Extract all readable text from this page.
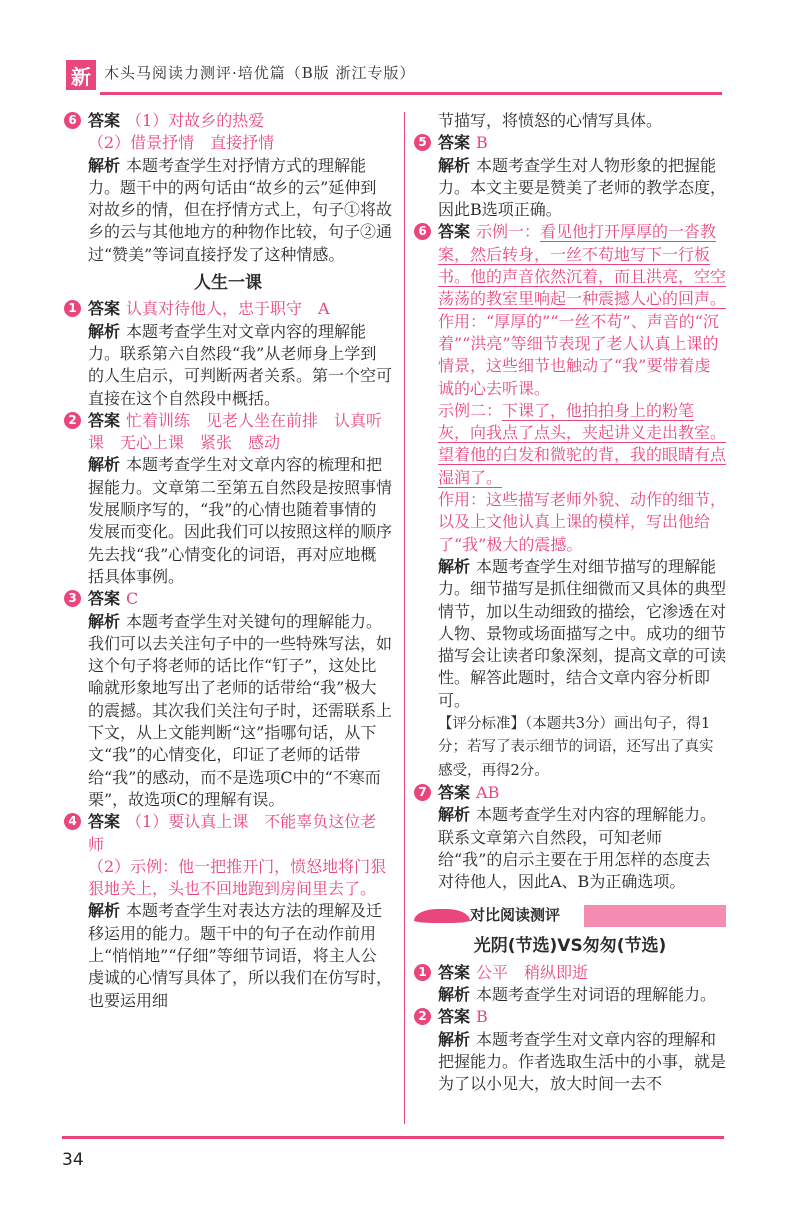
新 木头马阅读力测评·培优篇（B版 浙江专版）
6 答案 （1）对故乡的热爱
（2）借景抒情　直接抒情
解析 本题考查学生对抒情方式的理解能力。题干中的两句话由“故乡的云”延伸到对故乡的情，但在抒情方式上，句子①将故乡的云与其他地方的种物作比较，句子②通过“赞美”等词直接抒发了这种情感。
人生一课
1 答案 认真对待他人，忠于职守　A
解析 本题考查学生对文章内容的理解能力。联系第六自然段“我”从老师身上学到的人生启示，可判断两者关系。第一个空可直接在这个自然段中概括。
2 答案 忙着训练　见老人坐在前排　认真听课　无心上课　紧张　感动
解析 本题考查学生对文章内容的梳理和把握能力。文章第二至第五自然段是按照事情发展顺序写的，“我”的心情也随着事情的发展而变化。因此我们可以按照这样的顺序先去找“我”心情变化的词语，再对应地概括具体事例。
3 答案 C
解析 本题考查学生对关键句的理解能力。我们可以去关注句子中的一些特殊写法，如这个句子将老师的话比作“钉子”，这处比喻就形象地写出了老师的话带给“我”极大的震撼。其次我们关注句子时，还需联系上下文，从上文能判断“这”指哪句话，从下文“我”的心情变化，印证了老师的话带给“我”的感动，而不是选项C中的“不寒而栗”，故选项C的理解有误。
4 答案 （1）要认真上课　不能辜负这位老师
（2）示例：他一把推开门，愤怒地将门狠狠地关上，头也不回地跑到房间里去了。
解析 本题考查学生对表达方法的理解及迁移运用的能力。题干中的句子在动作前用上“悄悄地”“仔细”等细节词语，将主人公虔诚的心情写具体了，所以我们在仿写时，也要运用细
节描写，将愤怒的心情写具体。
5 答案 B
解析 本题考查学生对人物形象的把握能力。本文主要是赞美了老师的教学态度，因此B选项正确。
6 答案 示例一：看见他打开厚厚的一沓教案，然后转身，一丝不苟地写下一行板书。他的声音依然沉着，而且洪亮，空空荡荡的教室里响起一种震撼人心的回声。
作用：“厚厚的”“一丝不苟”、声音的“沉着”“洪亮”等细节表现了老人认真上课的情景，这些细节也触动了“我”要带着虔诚的心去听课。
示例二：下课了，他拍拍身上的粉笔灰，向我点了点头，夹起讲义走出教室。望着他的白发和微驼的背，我的眼睛有点湿润了。
作用：这些描写老师外貌、动作的细节，以及上文他认真上课的模样，写出他给了“我”极大的震撼。
解析 本题考查学生对细节描写的理解能力。细节描写是抓住细微而又具体的典型情节，加以生动细致的描绘，它渗透在对人物、景物或场面描写之中。成功的细节描写会让读者印象深刻，提高文章的可读性。解答此题时，结合文章内容分析即可。
【评分标准】（本题共3分）画出句子，得1分；若写了表示细节的词语，还写出了真实感受，再得2分。
7 答案 AB
解析 本题考查学生对内容的理解能力。联系文章第六自然段，可知老师给“我”的启示主要在于用怎样的态度去对待他人，因此A、B为正确选项。
对比阅读测评
光阴(节选)VS匆匆(节选)
1 答案 公平　稍纵即逝
解析 本题考查学生对词语的理解能力。
2 答案 B
解析 本题考查学生对文章内容的理解和把握能力。作者选取生活中的小事，就是为了以小见大，放大时间一去不
34
